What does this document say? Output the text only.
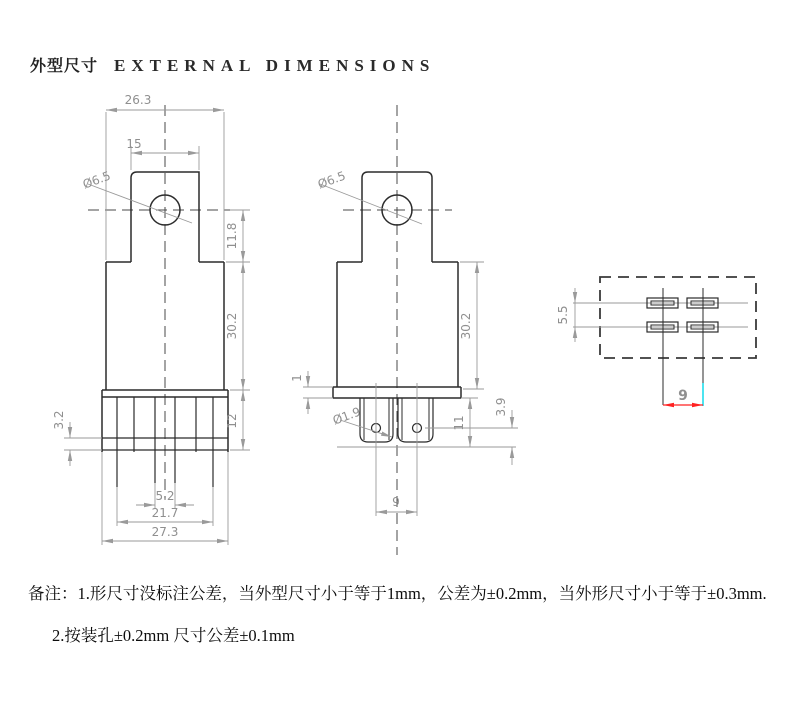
外型尺寸 EXTERNAL DIMENSIONS
26.3
15
Ø6.5
11.8
30.2
12
3.2
5.2
21.7
27.3
Ø6.5
30.2
1
Ø1.9
9
11
3.9
5.5
9
备注：1.形尺寸没标注公差，当外型尺寸小于等于1mm，公差为±0.2mm，当外形尺寸小于等于±0.3mm.
2.按装孔±0.2mm 尺寸公差±0.1mm
